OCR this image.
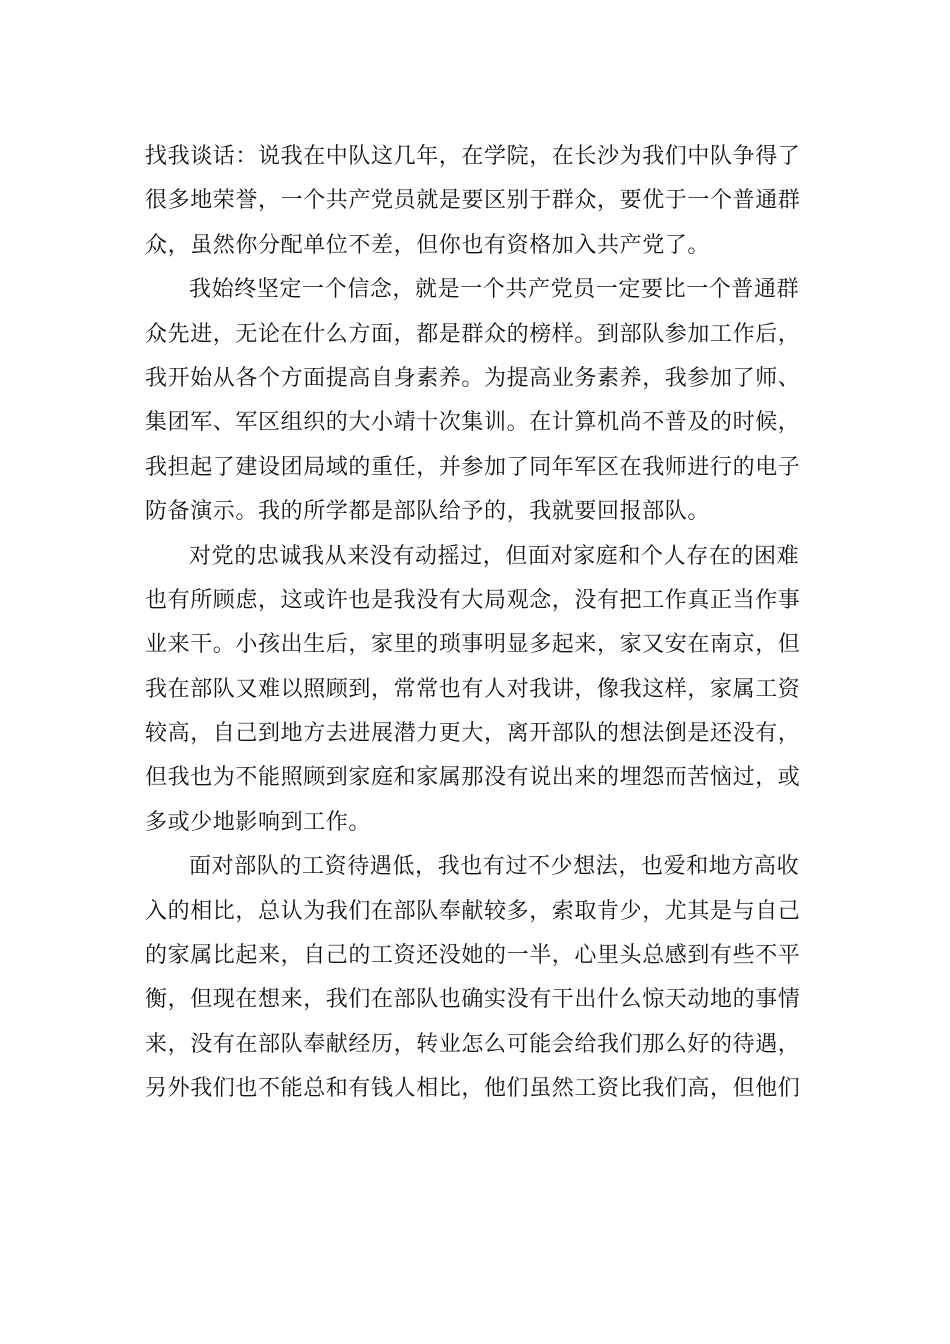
找我谈话：说我在中队这几年，在学院，在长沙为我们中队争得了
很多地荣誉，一个共产党员就是要区别于群众，要优于一个普通群
众，虽然你分配单位不差，但你也有资格加入共产党了。
我始终坚定一个信念，就是一个共产党员一定要比一个普通群
众先进，无论在什么方面，都是群众的榜样。到部队参加工作后，
我开始从各个方面提高自身素养。为提高业务素养，我参加了师、
集团军、军区组织的大小靖十次集训。在计算机尚不普及的时候，
我担起了建设团局域的重任，并参加了同年军区在我师进行的电子
防备演示。我的所学都是部队给予的，我就要回报部队。
对党的忠诚我从来没有动摇过，但面对家庭和个人存在的困难
也有所顾虑，这或许也是我没有大局观念，没有把工作真正当作事
业来干。小孩出生后，家里的琐事明显多起来，家又安在南京，但
我在部队又难以照顾到，常常也有人对我讲，像我这样，家属工资
较高，自己到地方去进展潜力更大，离开部队的想法倒是还没有，
但我也为不能照顾到家庭和家属那没有说出来的埋怨而苦恼过，或
多或少地影响到工作。
面对部队的工资待遇低，我也有过不少想法，也爱和地方高收
入的相比，总认为我们在部队奉献较多，索取肯少，尤其是与自己
的家属比起来，自己的工资还没她的一半，心里头总感到有些不平
衡，但现在想来，我们在部队也确实没有干出什么惊天动地的事情
来，没有在部队奉献经历，转业怎么可能会给我们那么好的待遇，
另外我们也不能总和有钱人相比，他们虽然工资比我们高，但他们
